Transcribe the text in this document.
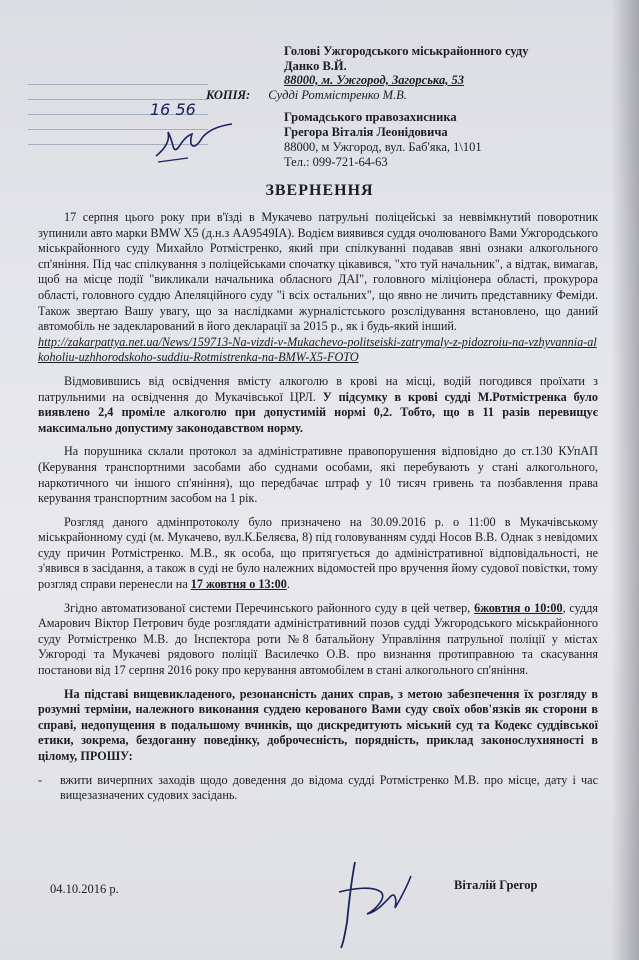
16 56
Голові Ужгородського міськрайонного суду
Данко В.Й.
88000, м. Ужгород, Загорська, 53
КОПІЯ: Судді Ротмістренко М.В.
Громадського правозахисника
Грегора Віталія Леонідовича
88000, м Ужгород, вул. Баб'яка, 1\101
Тел.: 099-721-64-63
ЗВЕРНЕННЯ

17 серпня цього року при в'їзді в Мукачево патрульні поліцейські за неввімкнутий поворотник зупинили авто марки BMW X5 (д.н.з АА9549ІА). Водієм виявився суддя очолюваного Вами Ужгородського міськрайонного суду Михайло Ротмістренко, який при спілкуванні подавав явні ознаки алкогольного сп'яніння. Під час спілкування з поліцейськами спочатку цікавився, "хто туй начальник", а відтак, вимагав, щоб на місце події "викликали начальника обласного ДАІ", головного міліціонера області, прокурора області, головного суддю Апеляційного суду "і всіх остальних", що явно не личить представнику Феміди. Також звертаю Вашу увагу, що за наслідками журналістського розслідування встановлено, що даний автомобіль не задекларований в його декларації за 2015 р., як і будь-який інший.

http://zakarpattya.net.ua/News/159713-Na-vizdi-v-Mukachevo-politseiski-zatrymaly-z-pidozroiu-na-vzhyvannia-alkoholiu-uzhhorodskoho-suddiu-Rotmistrenka-na-BMW-X5-FOTO

Відмовившись від освідчення вмісту алкоголю в крові на місці, водій погодився проїхати з патрульними на освідчення до Мукачівської ЦРЛ. У підсумку в крові судді М.Ротмістренка було виявлено 2,4 проміле алкоголю при допустимій нормі 0,2. Тобто, що в 11 разів перевищує максимально допустиму законодавством норму.

На порушника склали протокол за адміністративне правопорушення відповідно до ст.130 КУпАП (Керування транспортними засобами або суднами особами, які перебувають у стані алкогольного, наркотичного чи іншого сп'яніння), що передбачає штраф у 10 тисяч гривень та позбавлення права керування транспортним засобом на 1 рік.

Розгляд даного адмінпротоколу було призначено на 30.09.2016 р. о 11:00 в Мукачівському міськрайонному суді (м. Мукачево, вул.К.Беляєва, 8) під головуванням судді Носов В.В. Однак з невідомих суду причин Ротмістренко. М.В., як особа, що притягується до адміністративної відповідальності, не з'явився в засідання, а також в суді не було належних відомостей про вручення йому судової повістки, тому розгляд справи перенесли на 17 жовтня о 13:00.

Згідно автоматизованої системи Перечинського районного суду в цей четвер, 6жовтня о 10:00, суддя Амарович Віктор Петрович буде розглядати адміністративний позов судді Ужгородського міськрайонного суду Ротмістренко М.В. до Інспектора роти №8 батальйону Управління патрульної поліції у містах Ужгороді та Мукачеві рядового поліції Василечко О.В. про визнання протиправною та скасування постанови від 17 серпня 2016 року про керування автомобілем в стані алкогольного сп'яніння.

На підставі вищевикладеного, резонансність даних справ, з метою забезпечення їх розгляду в розумні терміни, належного виконання суддею керованого Вами суду своїх обов'язків як сторони в справі, недопущення в подальшому вчинків, що дискредитують міський суд та Кодекс суддівської етики, зокрема, бездоганну поведінку, доброчесність, порядність, приклад законослухняності в цілому, ПРОШУ:

- вжити вичерпних заходів щодо доведення до відома судді Ротмістренко М.В. про місце, дату і час вищезазначених судових засідань.

04.10.2016 р.	Віталій Грегор
